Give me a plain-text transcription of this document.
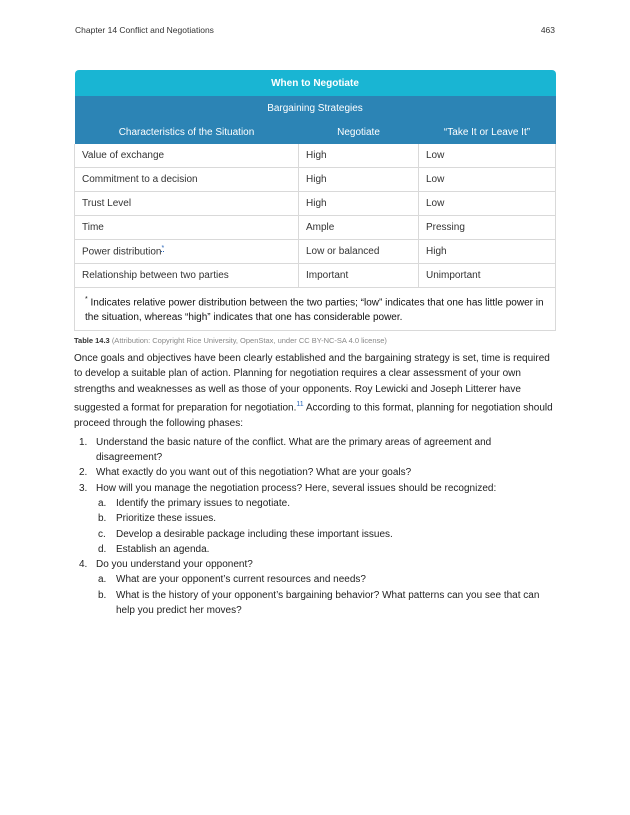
Chapter 14 Conflict and Negotiations	463
When to Negotiate		
Bargaining Strategies		
Characteristics of the Situation	Negotiate	“Take It or Leave It”
Value of exchange	High	Low
Commitment to a decision	High	Low
Trust Level	High	Low
Time	Ample	Pressing
Power distribution*	Low or balanced	High
Relationship between two parties	Important	Unimportant
* Indicates relative power distribution between the two parties; “low” indicates that one has little power in the situation, whereas “high” indicates that one has considerable power.		
Table 14.3 (Attribution: Copyright Rice University, OpenStax, under CC BY-NC-SA 4.0 license)

Once goals and objectives have been clearly established and the bargaining strategy is set, time is required to develop a suitable plan of action. Planning for negotiation requires a clear assessment of your own strengths and weaknesses as well as those of your opponents. Roy Lewicki and Joseph Litterer have suggested a format for preparation for negotiation.$^{11}$ According to this format, planning for negotiation should proceed through the following phases:

1. Understand the basic nature of the conflict. What are the primary areas of agreement and disagreement?
2. What exactly do you want out of this negotiation? What are your goals?
3. How will you manage the negotiation process? Here, several issues should be recognized:
a. Identify the primary issues to negotiate.
b. Prioritize these issues.
c. Develop a desirable package including these important issues.
d. Establish an agenda.
4. Do you understand your opponent?
a. What are your opponent’s current resources and needs?
b. What is the history of your opponent’s bargaining behavior? What patterns can you see that can help you predict her moves?
